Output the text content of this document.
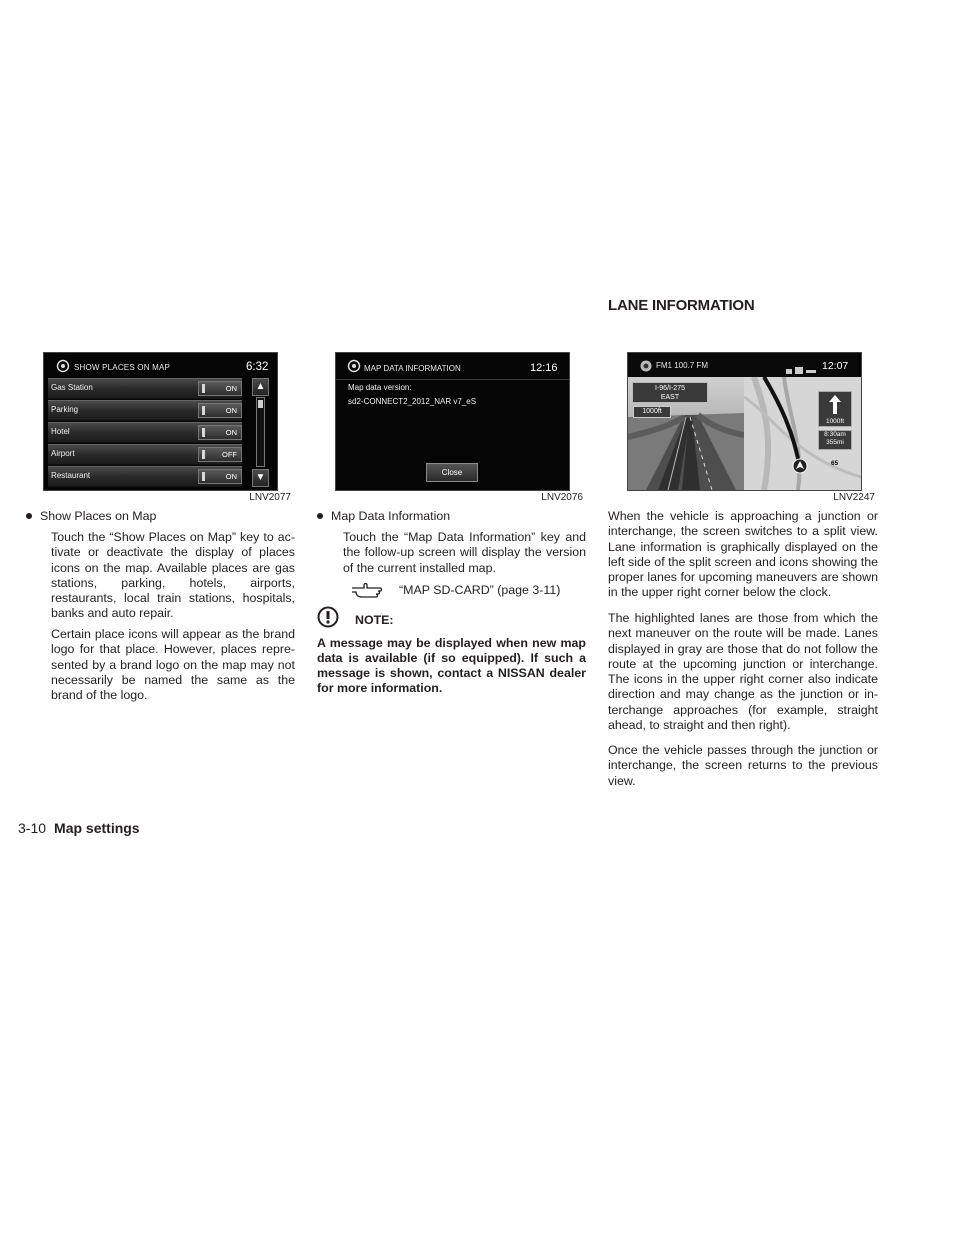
LANE INFORMATION
SHOW PLACES ON MAP	6:32
Gas Station	ON
Parking	ON
Hotel	ON
Airport	OFF
Restaurant	ON
▲
▼
LNV2077
MAP DATA INFORMATION	12:16
Map data version:
sd2-CONNECT2_2012_NAR v7_eS
Close
LNV2076
FM1 100.7 FM	12:07
I-96/I-275
EAST
1000ft
1000ft
8:30am
355mi
65
LNV2247
Show Places on Map

Touch the “Show Places on Map” key to ac-tivate or deactivate the display of places icons on the map. Available places are gas stations, parking, hotels, airports, restaurants, local train stations, hospitals, banks and auto repair.

Certain place icons will appear as the brand logo for that place. However, places repre-sented by a brand logo on the map may not necessarily be named the same as the brand of the logo.

Map Data Information

Touch the “Map Data Information” key and the follow-up screen will display the version of the current installed map.

“MAP SD-CARD” (page 3-11)
NOTE:

A message may be displayed when new map data is available (if so equipped). If such a message is shown, contact a NISSAN dealer for more information.

When the vehicle is approaching a junction or interchange, the screen switches to a split view. Lane information is graphically displayed on the left side of the split screen and icons showing the proper lanes for upcoming maneuvers are shown in the upper right corner below the clock.

The highlighted lanes are those from which the next maneuver on the route will be made. Lanes displayed in gray are those that do not follow the route at the upcoming junction or interchange. The icons in the upper right corner also indicate direction and may change as the junction or in-terchange approaches (for example, straight ahead, to straight and then right).

Once the vehicle passes through the junction or interchange, the screen returns to the previous view.

3-10 Map settings
